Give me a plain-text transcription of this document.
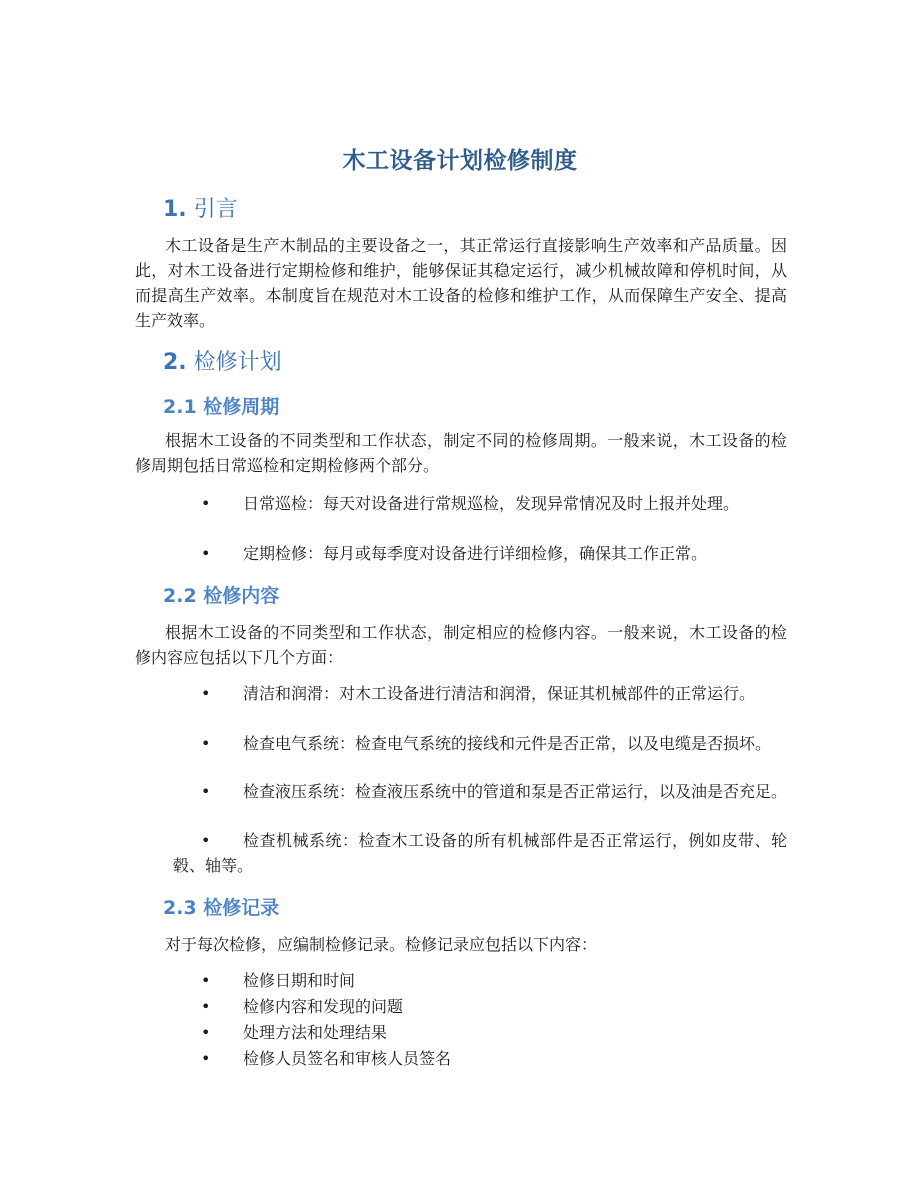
木工设备计划检修制度
1. 引言

木工设备是生产木制品的主要设备之一，其正常运行直接影响生产效率和产品质量。因此，对木工设备进行定期检修和维护，能够保证其稳定运行，减少机械故障和停机时间，从而提高生产效率。本制度旨在规范对木工设备的检修和维护工作，从而保障生产安全、提高生产效率。

2. 检修计划
2.1 检修周期

根据木工设备的不同类型和工作状态，制定不同的检修周期。一般来说，木工设备的检修周期包括日常巡检和定期检修两个部分。

•	日常巡检：每天对设备进行常规巡检，发现异常情况及时上报并处理。
•	定期检修：每月或每季度对设备进行详细检修，确保其工作正常。
2.2 检修内容

根据木工设备的不同类型和工作状态，制定相应的检修内容。一般来说，木工设备的检修内容应包括以下几个方面：

•	清洁和润滑：对木工设备进行清洁和润滑，保证其机械部件的正常运行。
•	检查电气系统：检查电气系统的接线和元件是否正常，以及电缆是否损坏。
•	检查液压系统：检查液压系统中的管道和泵是否正常运行，以及油是否充足。
•	检查机械系统：检查木工设备的所有机械部件是否正常运行，例如皮带、轮毂、轴等。
2.3 检修记录

对于每次检修，应编制检修记录。检修记录应包括以下内容：

•	检修日期和时间
•	检修内容和发现的问题
•	处理方法和处理结果
•	检修人员签名和审核人员签名
